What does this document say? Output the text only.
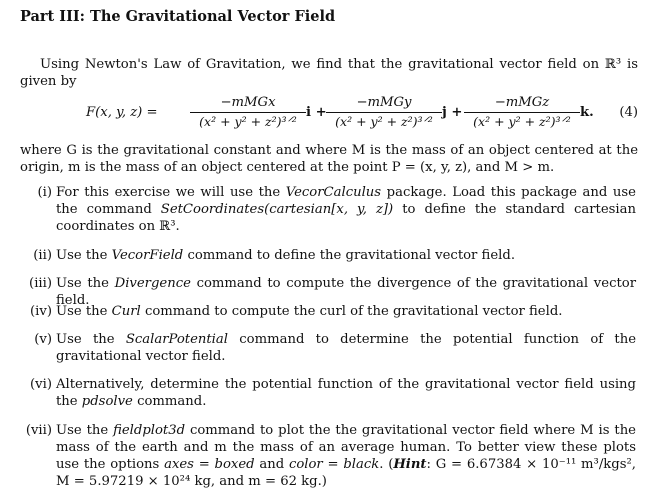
Part III: The Gravitational Vector Field

Using Newton's Law of Gravitation, we find that the gravitational vector field on ℝ³ is given by

F(x, y, z) =
−mMGx
(x² + y² + z²)³ᐟ²
i +
−mMGy
(x² + y² + z²)³ᐟ²
j +
−mMGz
(x² + y² + z²)³ᐟ²
k. (4)

where G is the gravitational constant and where M is the mass of an object centered at the origin, m is the mass of an object centered at the point P = (x, y, z), and M > m.

(i) For this exercise we will use the VecorCalculus package. Load this package and use the command SetCoordinates(cartesian[x, y, z]) to define the standard cartesian coordinates on ℝ³.
(ii) Use the VecorField command to define the gravitational vector field.
(iii) Use the Divergence command to compute the divergence of the gravitational vector field.
(iv) Use the Curl command to compute the curl of the gravitational vector field.
(v) Use the ScalarPotential command to determine the potential function of the gravitational vector field.
(vi) Alternatively, determine the potential function of the gravitational vector field using the pdsolve command.
(vii) Use the fieldplot3d command to plot the the gravitational vector field where M is the mass of the earth and m the mass of an average human. To better view these plots use the options axes = boxed and color = black. (Hint: G = 6.67384 × 10⁻¹¹ m³/kgs², M = 5.97219 × 10²⁴ kg, and m = 62 kg.)
